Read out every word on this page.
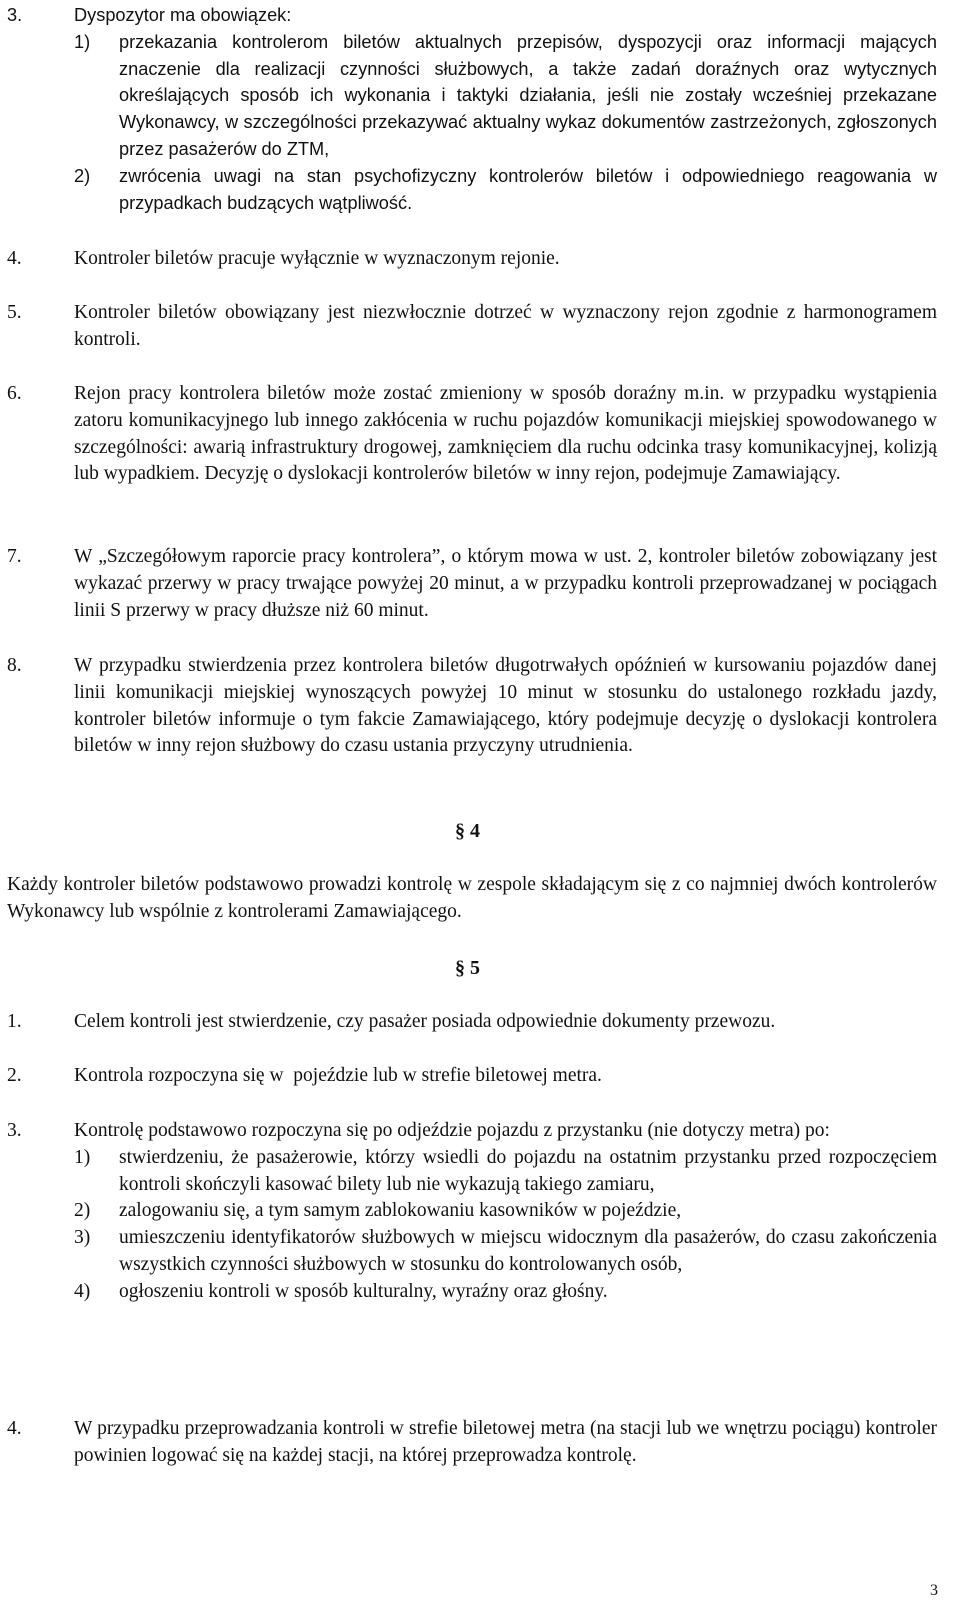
3.	Dyspozytor ma obowiązek:
1) przekazania kontrolerom biletów aktualnych przepisów, dyspozycji oraz informacji mających znaczenie dla realizacji czynności służbowych, a także zadań doraźnych oraz wytycznych określających sposób ich wykonania i taktyki działania, jeśli nie zostały wcześniej przekazane Wykonawcy, w szczególności przekazywać aktualny wykaz dokumentów zastrzeżonych, zgłoszonych przez pasażerów do ZTM,
2) zwrócenia uwagi na stan psychofizyczny kontrolerów biletów i odpowiedniego reagowania w przypadkach budzących wątpliwość.
4.	Kontroler biletów pracuje wyłącznie w wyznaczonym rejonie.
5.	Kontroler biletów obowiązany jest niezwłocznie dotrzeć w wyznaczony rejon zgodnie z harmonogramem kontroli.
6.	Rejon pracy kontrolera biletów może zostać zmieniony w sposób doraźny m.in. w przypadku wystąpienia zatoru komunikacyjnego lub innego zakłócenia w ruchu pojazdów komunikacji miejskiej spowodowanego w szczególności: awarią infrastruktury drogowej, zamknięciem dla ruchu odcinka trasy komunikacyjnej, kolizją lub wypadkiem. Decyzję o dyslokacji kontrolerów biletów w inny rejon, podejmuje Zamawiający.
7.	W „Szczegółowym raporcie pracy kontrolera”, o którym mowa w ust. 2, kontroler biletów zobowiązany jest wykazać przerwy w pracy trwające powyżej 20 minut, a w przypadku kontroli przeprowadzanej w pociągach linii S przerwy w pracy dłuższe niż 60 minut.
8.	W przypadku stwierdzenia przez kontrolera biletów długotrwałych opóźnień w kursowaniu pojazdów danej linii komunikacji miejskiej wynoszących powyżej 10 minut w stosunku do ustalonego rozkładu jazdy, kontroler biletów informuje o tym fakcie Zamawiającego, który podejmuje decyzję o dyslokacji kontrolera biletów w inny rejon służbowy do czasu ustania przyczyny utrudnienia.
§ 4
Każdy kontroler biletów podstawowo prowadzi kontrolę w zespole składającym się z co najmniej dwóch kontrolerów Wykonawcy lub wspólnie z kontrolerami Zamawiającego.
§ 5
1.	Celem kontroli jest stwierdzenie, czy pasażer posiada odpowiednie dokumenty przewozu.
2.	Kontrola rozpoczyna się w  pojeździe lub w strefie biletowej metra.
3.	Kontrolę podstawowo rozpoczyna się po odjeździe pojazdu z przystanku (nie dotyczy metra) po:
1) stwierdzeniu, że pasażerowie, którzy wsiedli do pojazdu na ostatnim przystanku przed rozpoczęciem kontroli skończyli kasować bilety lub nie wykazują takiego zamiaru,
2) zalogowaniu się, a tym samym zablokowaniu kasowników w pojeździe,
3) umieszczeniu identyfikatorów służbowych w miejscu widocznym dla pasażerów, do czasu zakończenia wszystkich czynności służbowych w stosunku do kontrolowanych osób,
4) ogłoszeniu kontroli w sposób kulturalny, wyraźny oraz głośny.
4.	W przypadku przeprowadzania kontroli w strefie biletowej metra (na stacji lub we wnętrzu pociągu) kontroler powinien logować się na każdej stacji, na której przeprowadza kontrolę.
3
